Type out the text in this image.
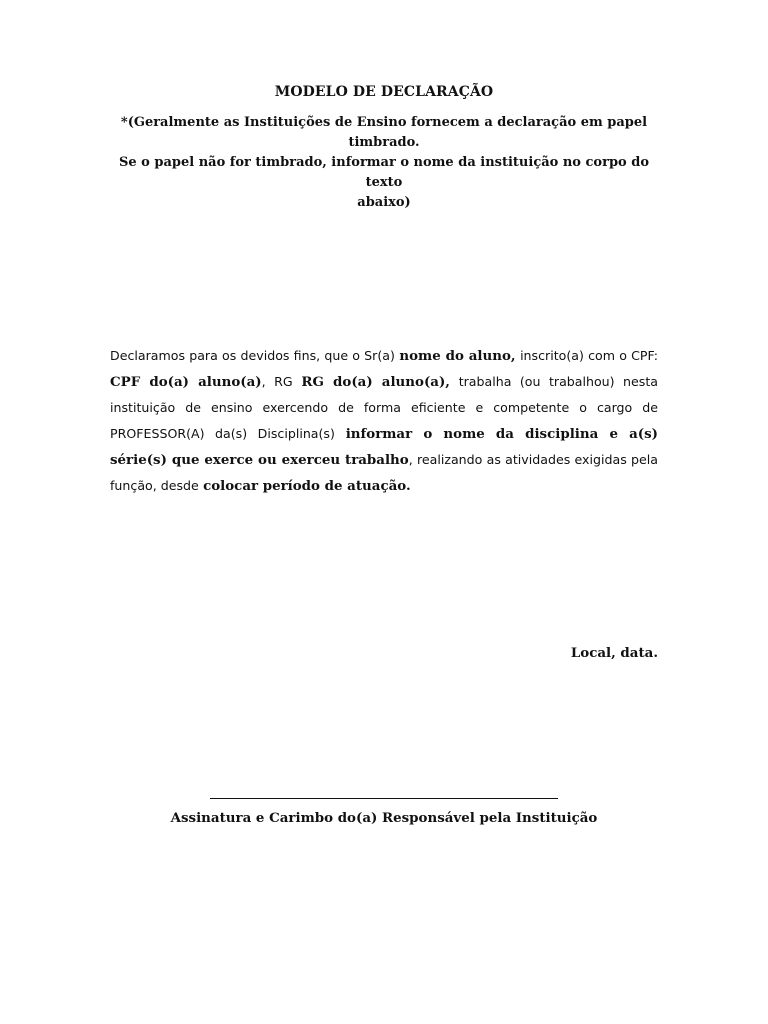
MODELO DE DECLARAÇÃO
*(Geralmente as Instituições de Ensino fornecem a declaração em papel timbrado.
Se o papel não for timbrado, informar o nome da instituição no corpo do texto
abaixo)
Declaramos para os devidos fins, que o Sr(a) nome do aluno, inscrito(a) com o CPF: CPF do(a) aluno(a), RG RG do(a) aluno(a), trabalha (ou trabalhou) nesta instituição de ensino exercendo de forma eficiente e competente o cargo de PROFESSOR(A) da(s) Disciplina(s) informar o nome da disciplina e a(s) série(s) que exerce ou exerceu trabalho, realizando as atividades exigidas pela função, desde colocar período de atuação.
Local, data.
Assinatura e Carimbo do(a) Responsável pela Instituição
